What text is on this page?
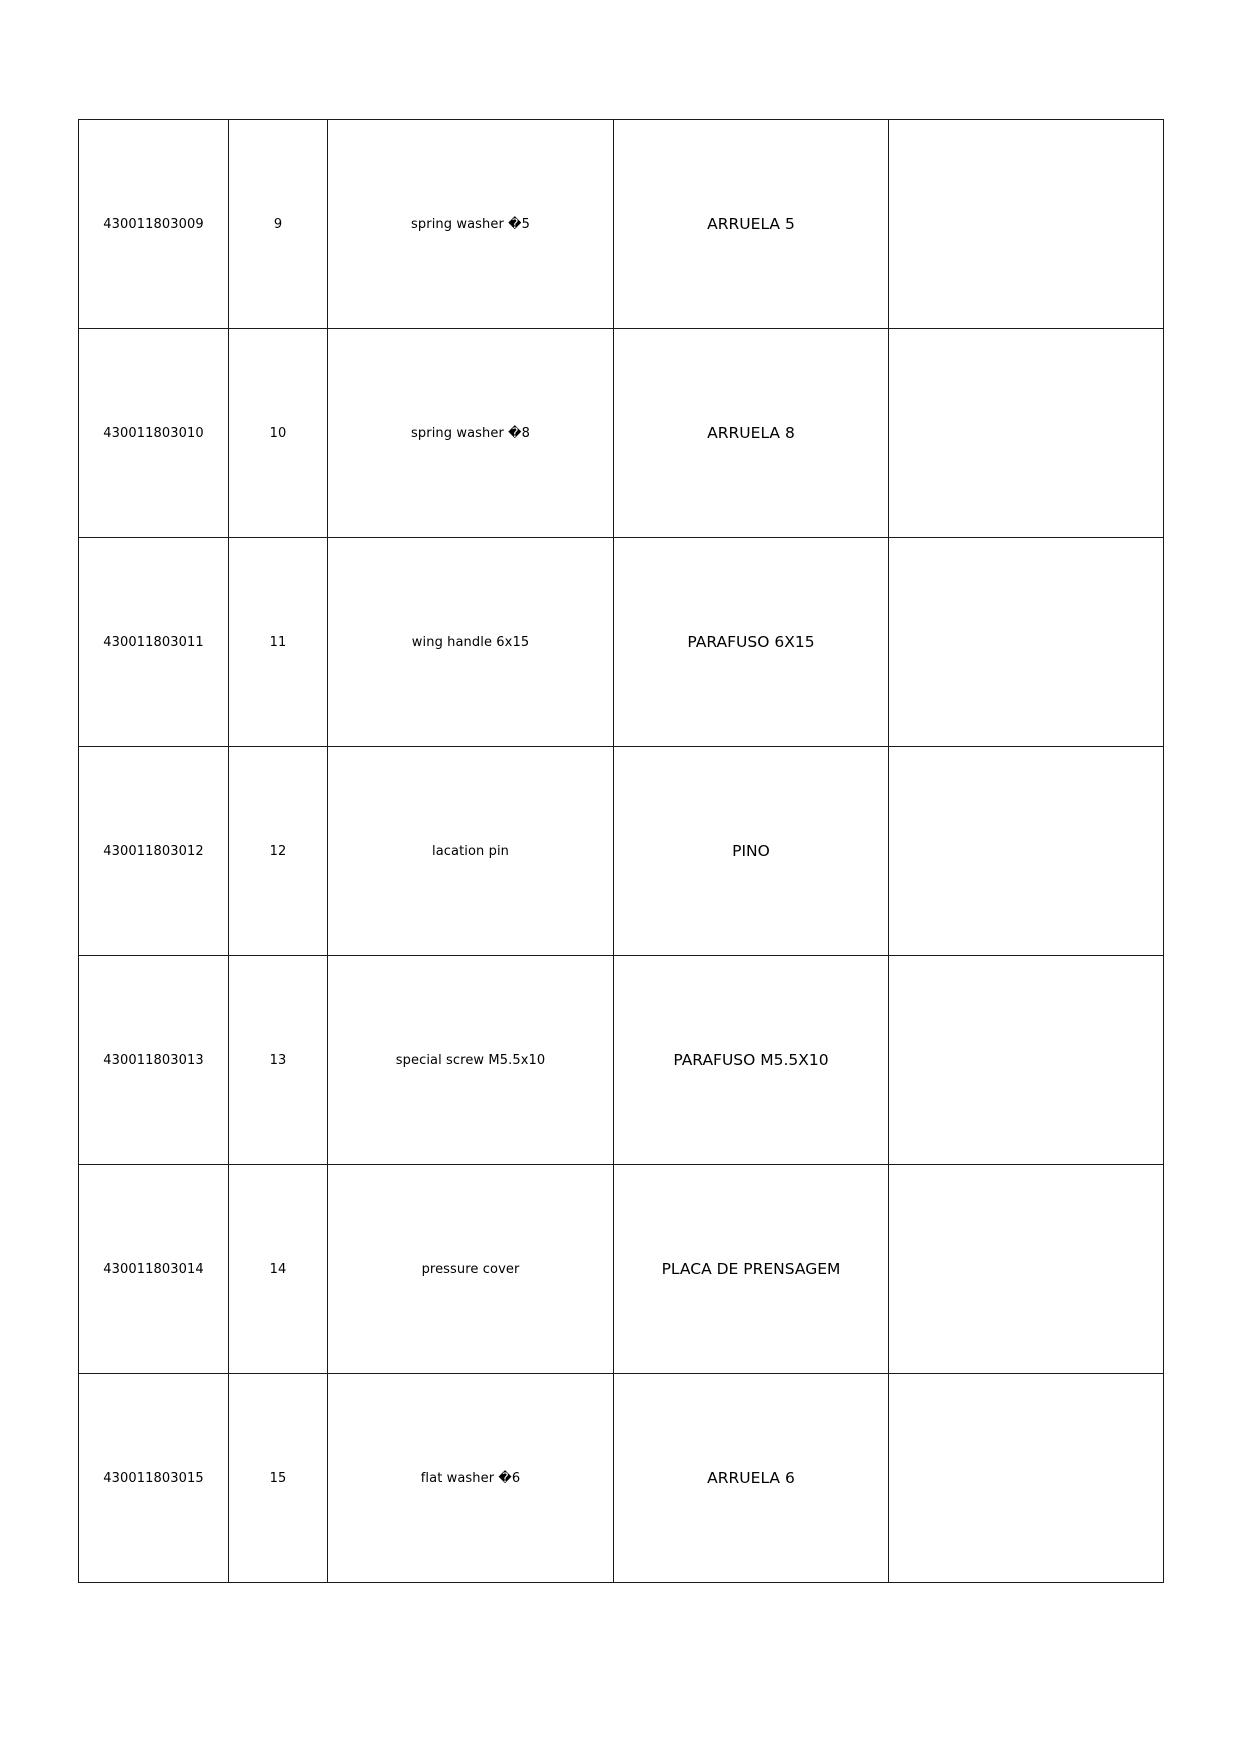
430011803009	9	spring washer �5	ARRUELA 5	
430011803010	10	spring washer �8	ARRUELA 8	
430011803011	11	wing handle 6x15	PARAFUSO 6X15	
430011803012	12	lacation pin	PINO	
430011803013	13	special screw M5.5x10	PARAFUSO M5.5X10	
430011803014	14	pressure cover	PLACA DE PRENSAGEM	
430011803015	15	flat washer �6	ARRUELA 6	
